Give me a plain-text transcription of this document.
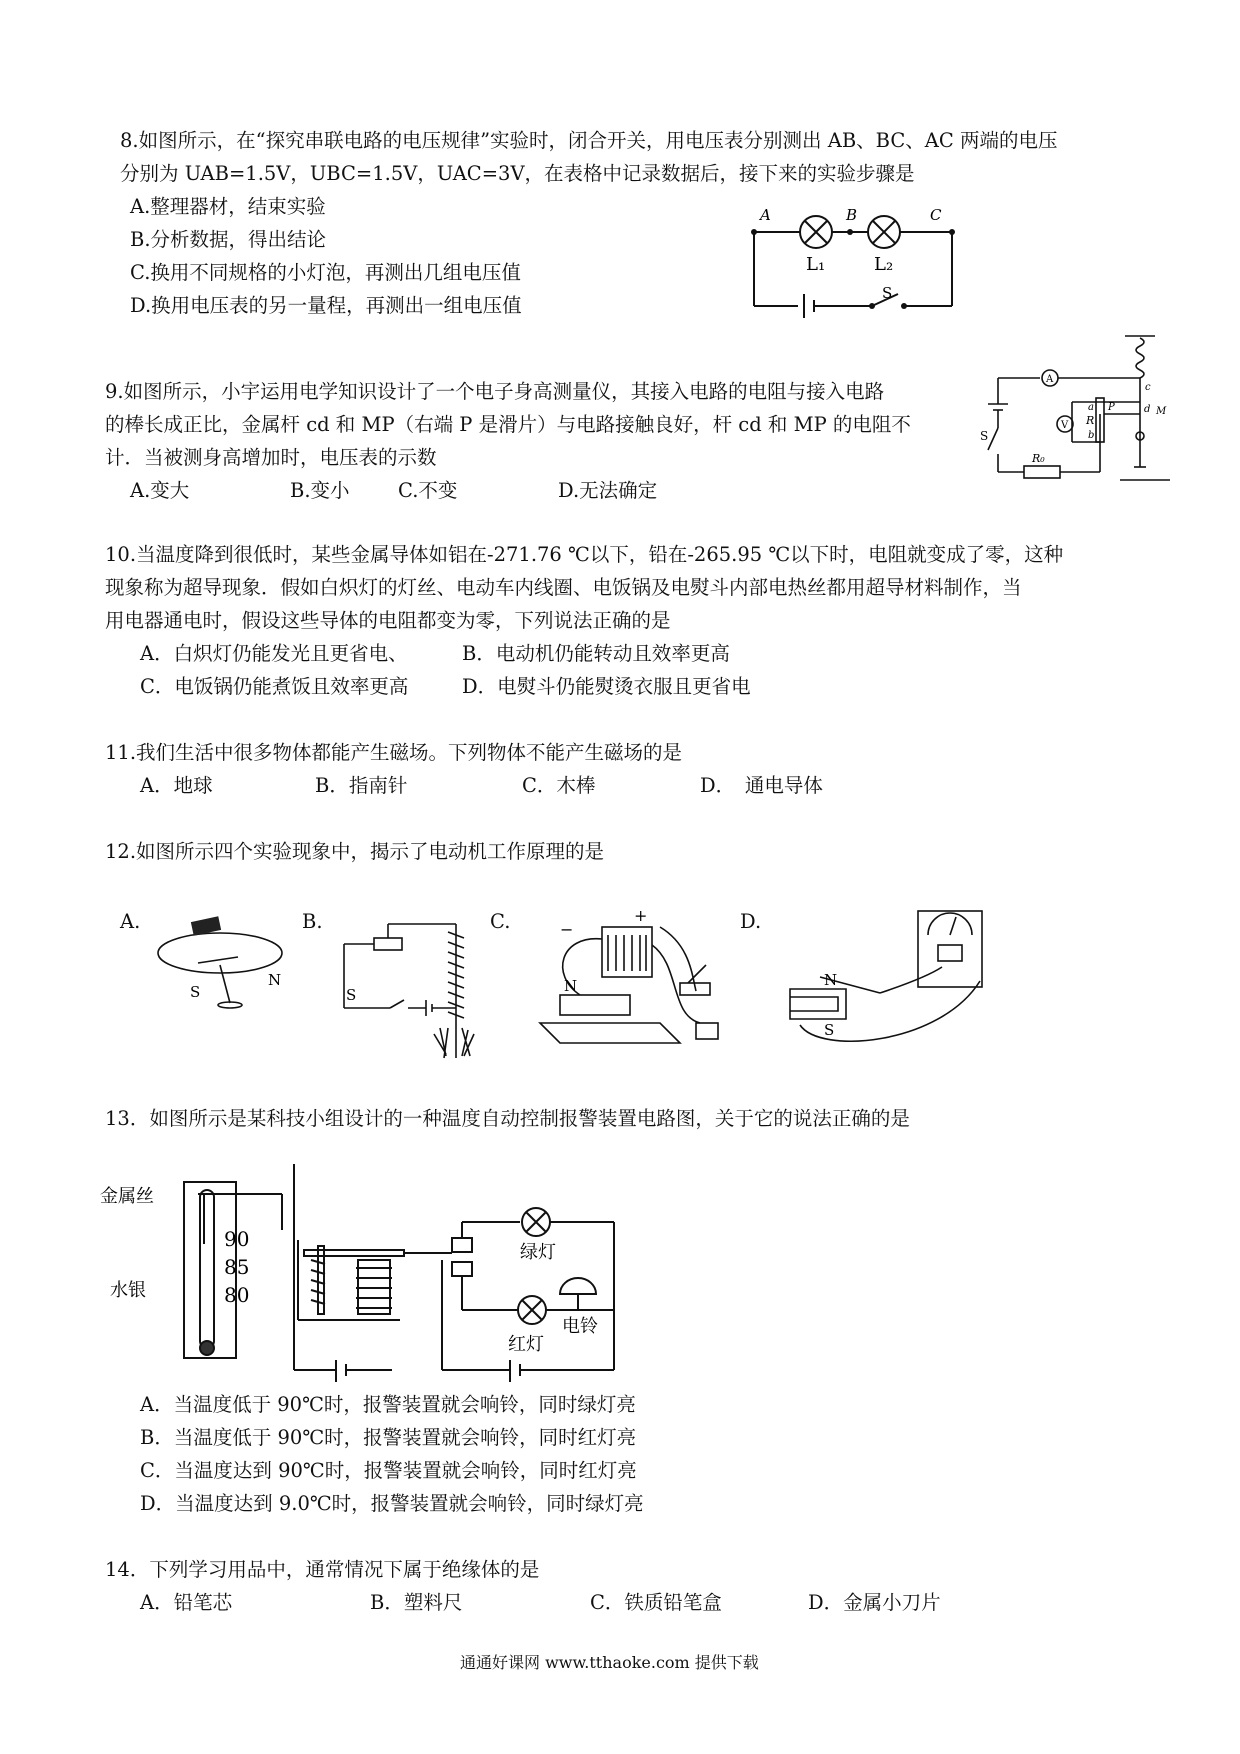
8.如图所示，在“探究串联电路的电压规律”实验时，闭合开关，用电压表分别测出 AB、BC、AC 两端的电压
分别为 UAB=1.5V，UBC=1.5V，UAC=3V，在表格中记录数据后，接下来的实验步骤是
A.整理器材，结束实验
B.分析数据，得出结论
C.换用不同规格的小灯泡，再测出几组电压值
D.换用电压表的另一量程，再测出一组电压值
A	B	C
L₁	L₂
S
9.如图所示，小宇运用电学知识设计了一个电子身高测量仪，其接入电路的电阻与接入电路
的棒长成正比，金属杆 cd 和 MP（右端 P 是滑片）与电路接触良好，杆 cd 和 MP 的电阻不
计．当被测身高增加时，电压表的示数
A.变大	B.变小 C.不变	D.无法确定
A
V
S
R₀
R
a
b
P
c
d M
10.当温度降到很低时，某些金属导体如铝在-271.76 ℃以下，铅在-265.95 ℃以下时，电阻就变成了零，这种
现象称为超导现象．假如白炽灯的灯丝、电动车内线圈、电饭锅及电熨斗内部电热丝都用超导材料制作，当
用电器通电时，假设这些导体的电阻都变为零，下列说法正确的是
A．白炽灯仍能发光且更省电、	B．电动机仍能转动且效率更高
C．电饭锅仍能煮饭且效率更高	D．电熨斗仍能熨烫衣服且更省电
11.我们生活中很多物体都能产生磁场。下列物体不能产生磁场的是
A．地球	B．指南针	C．木棒	D．　通电导体
12.如图所示四个实验现象中，揭示了电动机工作原理的是
A.
S
N
B.
S
C.	+
−
N
D.
N
S
13．如图所示是某科技小组设计的一种温度自动控制报警装置电路图，关于它的说法正确的是
金属丝
水银
90
85
80
绿灯
红灯
电铃
A．当温度低于 90℃时，报警装置就会响铃，同时绿灯亮
B．当温度低于 90℃时，报警装置就会响铃，同时红灯亮
C．当温度达到 90℃时，报警装置就会响铃，同时红灯亮
D．当温度达到 9.0℃时，报警装置就会响铃，同时绿灯亮
14．下列学习用品中，通常情况下属于绝缘体的是
A．铅笔芯	B．塑料尺	C．铁质铅笔盒	D．金属小刀片
通通好课网 www.tthaoke.com 提供下载
